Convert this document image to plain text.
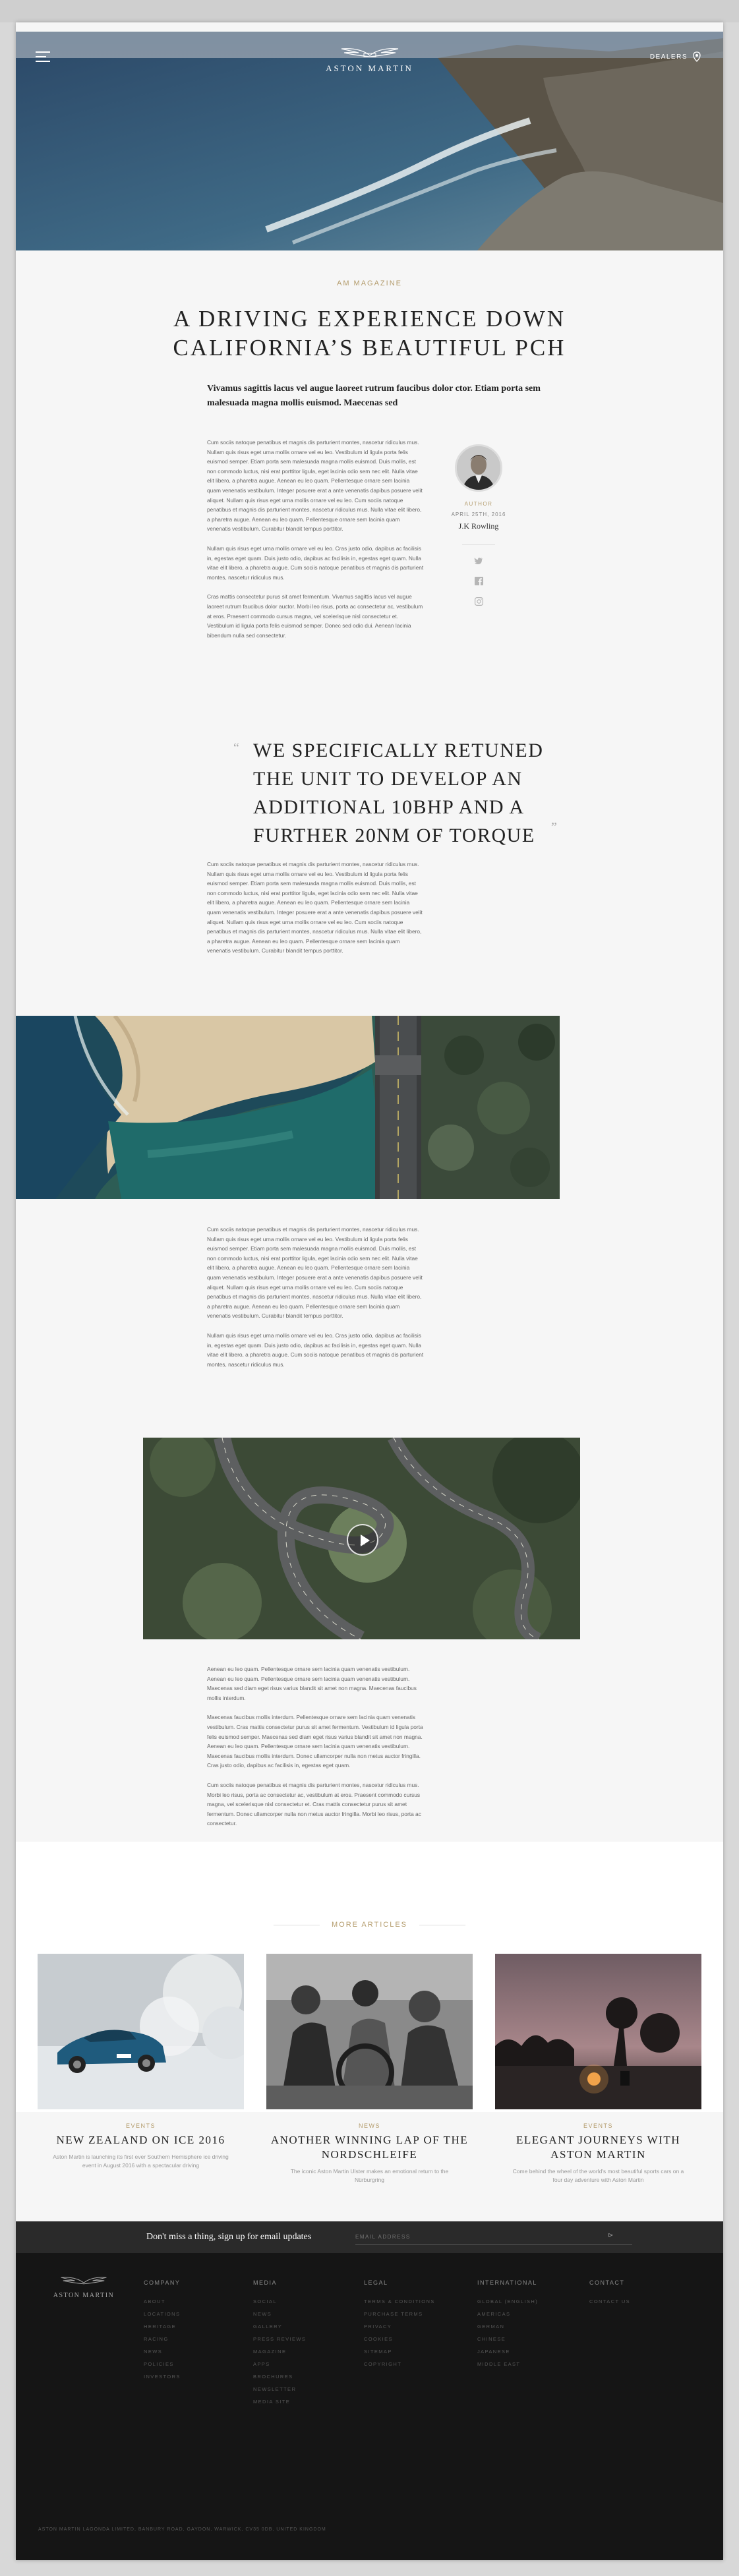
ASTON MARTIN
DEALERS
AM MAGAZINE
A DRIVING EXPERIENCE DOWN
CALIFORNIA’S BEAUTIFUL PCH
Vivamus sagittis lacus vel augue laoreet rutrum faucibus dolor ctor. Etiam porta sem malesuada magna mollis euismod. Maecenas sed

Cum sociis natoque penatibus et magnis dis parturient montes, nascetur ridiculus mus. Nullam quis risus eget urna mollis ornare vel eu leo. Vestibulum id ligula porta felis euismod semper. Etiam porta sem malesuada magna mollis euismod. Duis mollis, est non commodo luctus, nisi erat porttitor ligula, eget lacinia odio sem nec elit. Nulla vitae elit libero, a pharetra augue. Aenean eu leo quam. Pellentesque ornare sem lacinia quam venenatis vestibulum. Integer posuere erat a ante venenatis dapibus posuere velit aliquet. Nullam quis risus eget urna mollis ornare vel eu leo. Cum sociis natoque penatibus et magnis dis parturient montes, nascetur ridiculus mus. Nulla vitae elit libero, a pharetra augue. Aenean eu leo quam. Pellentesque ornare sem lacinia quam venenatis vestibulum. Curabitur blandit tempus porttitor.

Nullam quis risus eget urna mollis ornare vel eu leo. Cras justo odio, dapibus ac facilisis in, egestas eget quam. Duis justo odio, dapibus ac facilisis in, egestas eget quam. Nulla vitae elit libero, a pharetra augue. Cum sociis natoque penatibus et magnis dis parturient montes, nascetur ridiculus mus.

Cras mattis consectetur purus sit amet fermentum. Vivamus sagittis lacus vel augue laoreet rutrum faucibus dolor auctor. Morbi leo risus, porta ac consectetur ac, vestibulum at eros. Praesent commodo cursus magna, vel scelerisque nisl consectetur et. Vestibulum id ligula porta felis euismod semper. Donec sed odio dui. Aenean lacinia bibendum nulla sed consectetur.

AUTHOR
APRIL 25TH, 2016
J.K Rowling
“ WE SPECIFICALLY RETUNED THE UNIT TO DEVELOP AN ADDITIONAL 10BHP AND A FURTHER 20NM OF TORQUE	”

Cum sociis natoque penatibus et magnis dis parturient montes, nascetur ridiculus mus. Nullam quis risus eget urna mollis ornare vel eu leo. Vestibulum id ligula porta felis euismod semper. Etiam porta sem malesuada magna mollis euismod. Duis mollis, est non commodo luctus, nisi erat porttitor ligula, eget lacinia odio sem nec elit. Nulla vitae elit libero, a pharetra augue. Aenean eu leo quam. Pellentesque ornare sem lacinia quam venenatis vestibulum. Integer posuere erat a ante venenatis dapibus posuere velit aliquet. Nullam quis risus eget urna mollis ornare vel eu leo. Cum sociis natoque penatibus et magnis dis parturient montes, nascetur ridiculus mus. Nulla vitae elit libero, a pharetra augue. Aenean eu leo quam. Pellentesque ornare sem lacinia quam venenatis vestibulum. Curabitur blandit tempus porttitor.

Cum sociis natoque penatibus et magnis dis parturient montes, nascetur ridiculus mus. Nullam quis risus eget urna mollis ornare vel eu leo. Vestibulum id ligula porta felis euismod semper. Etiam porta sem malesuada magna mollis euismod. Duis mollis, est non commodo luctus, nisi erat porttitor ligula, eget lacinia odio sem nec elit. Nulla vitae elit libero, a pharetra augue. Aenean eu leo quam. Pellentesque ornare sem lacinia quam venenatis vestibulum. Integer posuere erat a ante venenatis dapibus posuere velit aliquet. Nullam quis risus eget urna mollis ornare vel eu leo. Cum sociis natoque penatibus et magnis dis parturient montes, nascetur ridiculus mus. Nulla vitae elit libero, a pharetra augue. Aenean eu leo quam. Pellentesque ornare sem lacinia quam venenatis vestibulum. Curabitur blandit tempus porttitor.

Nullam quis risus eget urna mollis ornare vel eu leo. Cras justo odio, dapibus ac facilisis in, egestas eget quam. Duis justo odio, dapibus ac facilisis in, egestas eget quam. Nulla vitae elit libero, a pharetra augue. Cum sociis natoque penatibus et magnis dis parturient montes, nascetur ridiculus mus.

Aenean eu leo quam. Pellentesque ornare sem lacinia quam venenatis vestibulum. Aenean eu leo quam. Pellentesque ornare sem lacinia quam venenatis vestibulum. Maecenas sed diam eget risus varius blandit sit amet non magna. Maecenas faucibus mollis interdum.

Maecenas faucibus mollis interdum. Pellentesque ornare sem lacinia quam venenatis vestibulum. Cras mattis consectetur purus sit amet fermentum. Vestibulum id ligula porta felis euismod semper. Maecenas sed diam eget risus varius blandit sit amet non magna. Aenean eu leo quam. Pellentesque ornare sem lacinia quam venenatis vestibulum. Maecenas faucibus mollis interdum. Donec ullamcorper nulla non metus auctor fringilla. Cras justo odio, dapibus ac facilisis in, egestas eget quam.

Cum sociis natoque penatibus et magnis dis parturient montes, nascetur ridiculus mus. Morbi leo risus, porta ac consectetur ac, vestibulum at eros. Praesent commodo cursus magna, vel scelerisque nisl consectetur et. Cras mattis consectetur purus sit amet fermentum. Donec ullamcorper nulla non metus auctor fringilla. Morbi leo risus, porta ac consectetur.

MORE ARTICLES
EVENTS
NEW ZEALAND ON ICE 2016
Aston Martin is launching its first ever Southern Hemisphere ice driving event in August 2016 with a spectacular driving
NEWS
ANOTHER WINNING LAP OF THE NORDSCHLEIFE
The iconic Aston Martin Ulster makes an emotional return to the Nürburgring
EVENTS
ELEGANT JOURNEYS WITH ASTON MARTIN
Come behind the wheel of the world's most beautiful sports cars on a four day adventure with Aston Martin
Don't miss a thing, sign up for email updates
EMAIL ADDRESS	⊳
ASTON MARTIN
COMPANY
ABOUT
LOCATIONS
HERITAGE
RACING
NEWS
POLICIES
INVESTORS
MEDIA
SOCIAL
NEWS
GALLERY
PRESS REVIEWS
MAGAZINE
APPS
BROCHURES
NEWSLETTER
MEDIA SITE
LEGAL
TERMS & CONDITIONS
PURCHASE TERMS
PRIVACY
COOKIES
SITEMAP
COPYRIGHT
INTERNATIONAL
GLOBAL (ENGLISH)
AMERICAS
GERMAN
CHINESE
JAPANESE
MIDDLE EAST
CONTACT
CONTACT US
ASTON MARTIN LAGONDA LIMITED, BANBURY ROAD, GAYDON, WARWICK, CV35 0DB, UNITED KINGDOM
